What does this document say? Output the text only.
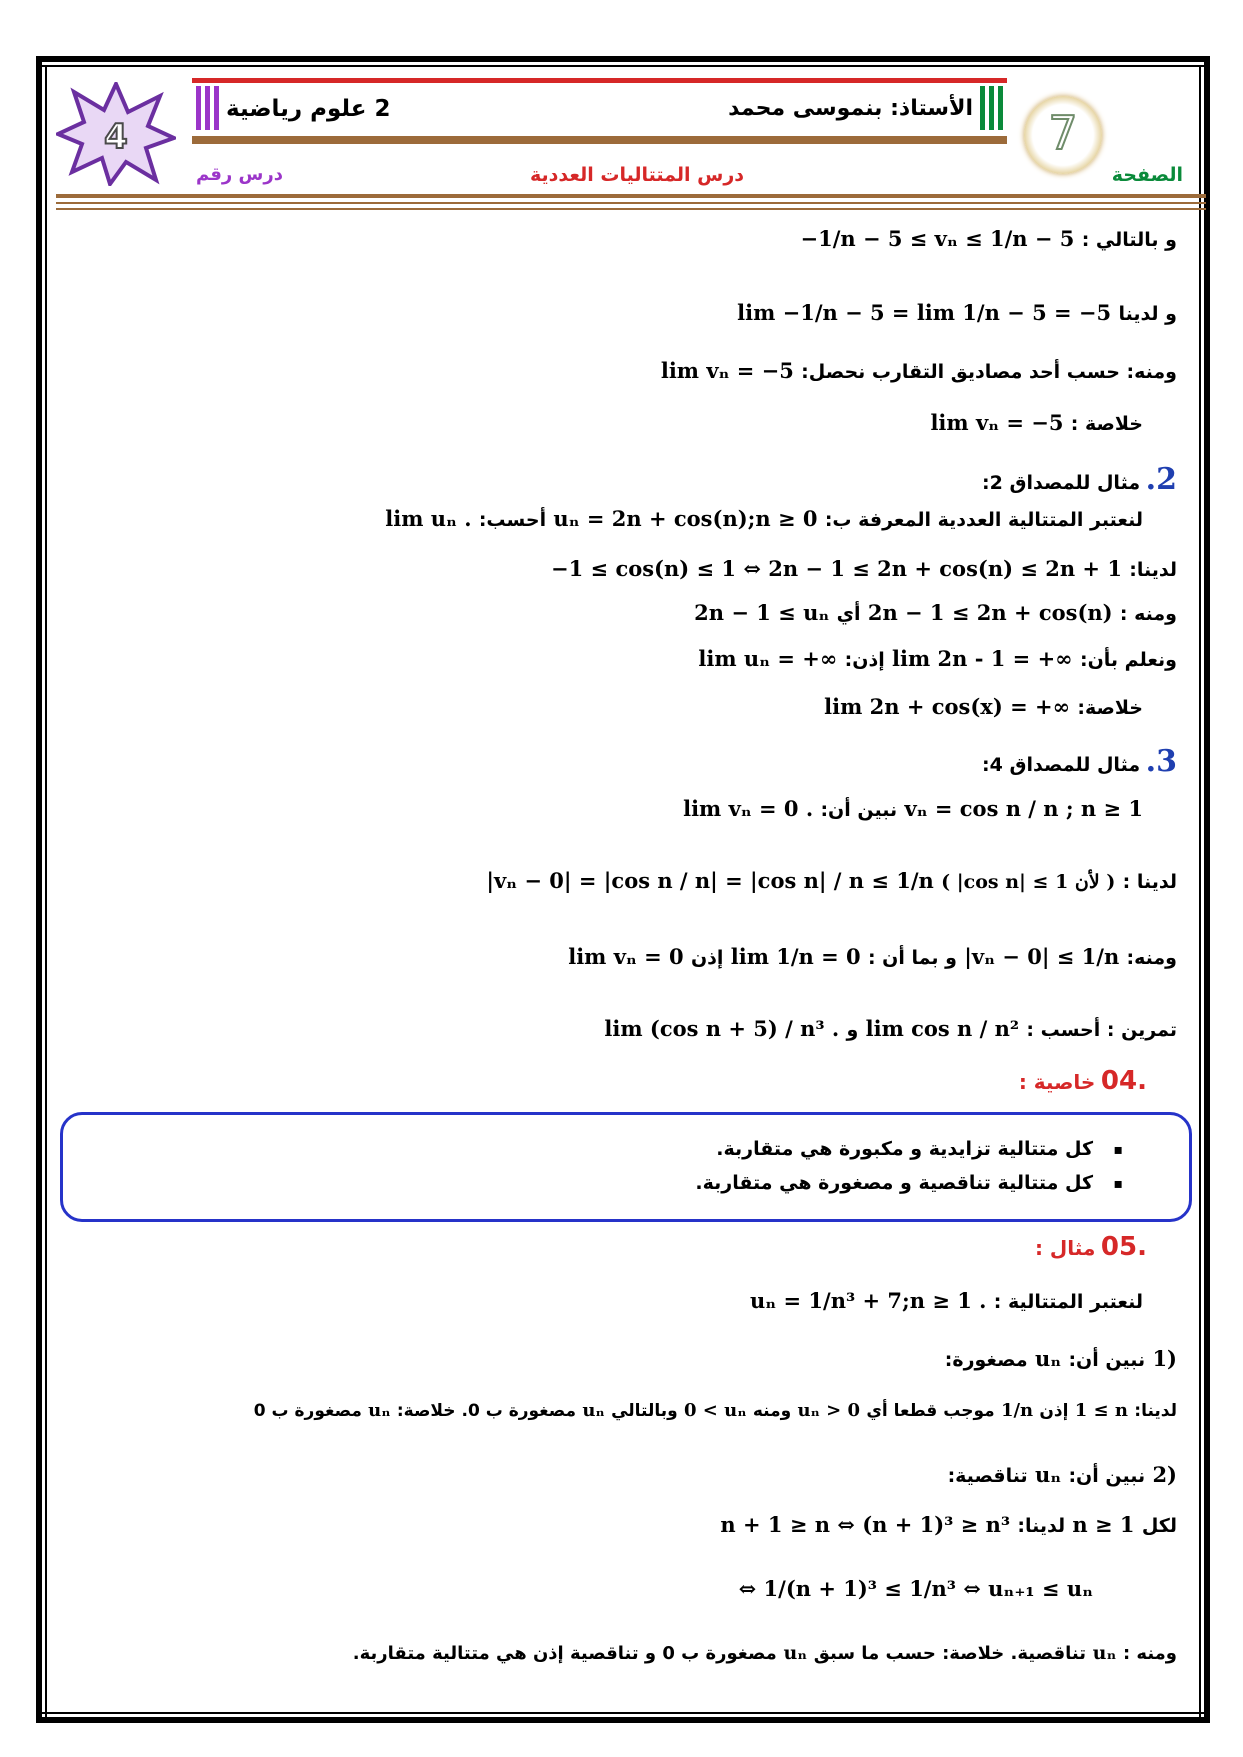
4	7
2 علوم رياضية	الأستاذ: بنموسى محمد
درس المتتاليات العددية
درس رقم	الصفحة
و بالتالي : −1/n − 5 ≤ vₙ ≤ 1/n − 5
و لدينا lim −1/n − 5 = lim 1/n − 5 = −5
ومنه: حسب أحد مصاديق التقارب نحصل: lim vₙ = −5
خلاصة : lim vₙ = −5
2. مثال للمصداق 2:
لنعتبر المتتالية العددية المعرفة ب: uₙ = 2n + cos(n);n ≥ 0 أحسب: lim uₙ .
لدينا: −1 ≤ cos(n) ≤ 1 ⇔ 2n − 1 ≤ 2n + cos(n) ≤ 2n + 1
ومنه : 2n − 1 ≤ 2n + cos(n) أي 2n − 1 ≤ uₙ
ونعلم بأن: lim 2n - 1 = +∞ إذن: lim uₙ = +∞
خلاصة: lim 2n + cos(x) = +∞
3. مثال للمصداق 4:
vₙ = cos n / n ; n ≥ 1 نبين أن: lim vₙ = 0 .
لدينا : ( |cos n| ≤ 1 لأن ) |vₙ − 0| = |cos n / n| = |cos n| / n ≤ 1/n
ومنه: |vₙ − 0| ≤ 1/n و بما أن : lim 1/n = 0 إذن lim vₙ = 0
تمرين : أحسب : lim cos n / n² و lim (cos n + 5) / n³ .
.04 خاصية :
▪ كل متتالية تزايدية و مكبورة هي متقاربة.
▪ كل متتالية تناقصية و مصغورة هي متقاربة.
.05 مثال :
لنعتبر المتتالية : uₙ = 1/n³ + 7;n ≥ 1 .
1) نبين أن: uₙ مصغورة:
لدينا: 1 ≤ n إذن 1/n موجب قطعا أي uₙ > 0 ومنه 0 < uₙ وبالتالي uₙ مصغورة ب 0. خلاصة: uₙ مصغورة ب 0
2) نبين أن: uₙ تناقصية:
لكل n ≥ 1 لدينا: n + 1 ≥ n ⇔ (n + 1)³ ≥ n³
⇔ 1/(n + 1)³ ≤ 1/n³ ⇔ uₙ₊₁ ≤ uₙ
ومنه : uₙ تناقصية. خلاصة: حسب ما سبق uₙ مصغورة ب 0 و تناقصية إذن هي متتالية متقاربة.
